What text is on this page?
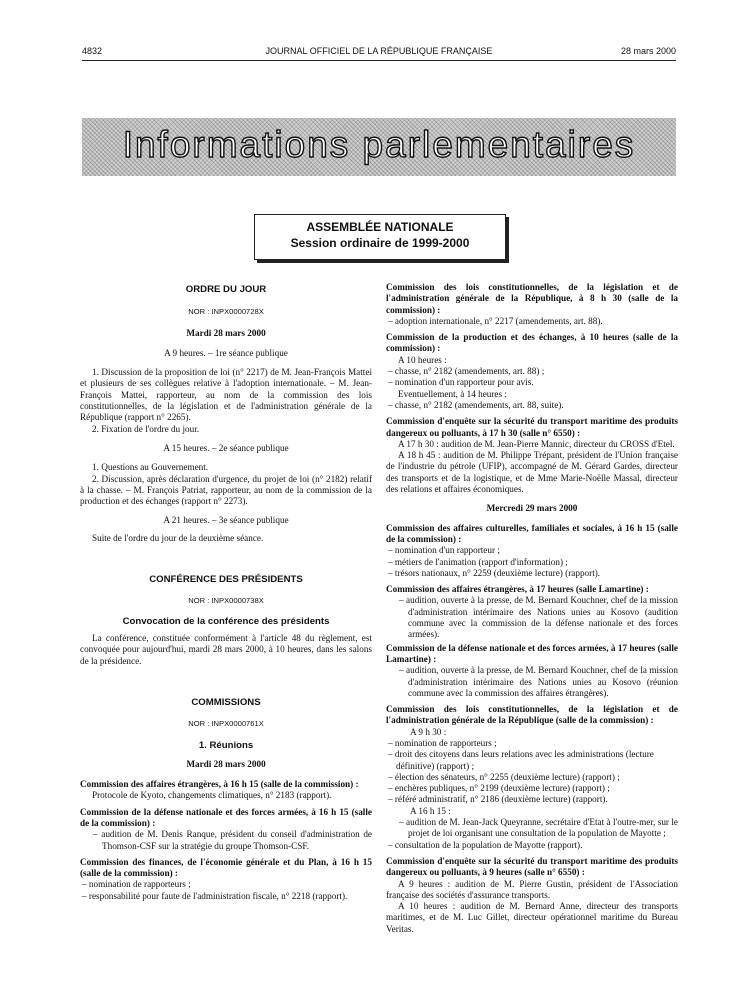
4832	JOURNAL OFFICIEL DE LA RÉPUBLIQUE FRANÇAISE	28 mars 2000
Informations parlementaires
ASSEMBLÉE NATIONALE
Session ordinaire de 1999-2000

ORDRE DU JOUR

NOR : INPX0000728X

Mardi 28 mars 2000

A 9 heures. – 1re séance publique

1. Discussion de la proposition de loi (n° 2217) de M. Jean-François Mattei et plusieurs de ses collègues relative à l'adoption internationale. – M. Jean-François Mattei, rapporteur, au nom de la commission des lois constitutionnelles, de la législation et de l'administration générale de la République (rapport n° 2265).

2. Fixation de l'ordre du jour.

A 15 heures. – 2e séance publique

1. Questions au Gouvernement.

2. Discussion, après déclaration d'urgence, du projet de loi (n° 2182) relatif à la chasse. – M. François Patriat, rapporteur, au nom de la commission de la production et des échanges (rapport n° 2273).

A 21 heures. – 3e séance publique

Suite de l'ordre du jour de la deuxième séance.

CONFÉRENCE DES PRÉSIDENTS

NOR : INPX0000738X

Convocation de la conférence des présidents

La conférence, constituée conformément à l'article 48 du règlement, est convoquée pour aujourd'hui, mardi 28 mars 2000, à 10 heures, dans les salons de la présidence.

COMMISSIONS

NOR : INPX0000761X

1. Réunions

Mardi 28 mars 2000

Commission des affaires étrangères, à 16 h 15 (salle de la commission) :

Protocole de Kyoto, changements climatiques, n° 2183 (rapport).

Commission de la défense nationale et des forces armées, à 16 h 15 (salle de la commission) :

– audition de M. Denis Ranque, président du conseil d'administration de Thomson-CSF sur la stratégie du groupe Thomson-CSF.

Commission des finances, de l'économie générale et du Plan, à 16 h 15 (salle de la commission) :

– nomination de rapporteurs ;

– responsabilité pour faute de l'administration fiscale, n° 2218 (rapport).

Commission des lois constitutionnelles, de la législation et de l'administration générale de la République, à 8 h 30 (salle de la commission) :

– adoption internationale, n° 2217 (amendements, art. 88).

Commission de la production et des échanges, à 10 heures (salle de la commission) :

A 10 heures :

– chasse, n° 2182 (amendements, art. 88) ;

– nomination d'un rapporteur pour avis.

Eventuellement, à 14 heures :

– chasse, n° 2182 (amendements, art. 88, suite).

Commission d'enquête sur la sécurité du transport maritime des produits dangereux ou polluants, à 17 h 30 (salle n° 6550) :

A 17 h 30 : audition de M. Jean-Pierre Mannic, directeur du CROSS d'Etel.

A 18 h 45 : audition de M. Philippe Trépant, président de l'Union française de l'industrie du pétrole (UFIP), accompagné de M. Gérard Gardes, directeur des transports et de la logistique, et de Mme Marie-Noëlle Massal, directeur des relations et affaires économiques.

Mercredi 29 mars 2000

Commission des affaires culturelles, familiales et sociales, à 16 h 15 (salle de la commission) :

– nomination d'un rapporteur ;

– métiers de l'animation (rapport d'information) ;

– trésors nationaux, n° 2259 (deuxième lecture) (rapport).

Commission des affaires étrangères, à 17 heures (salle Lamartine) :

– audition, ouverte à la presse, de M. Bernard Kouchner, chef de la mission d'administration intérimaire des Nations unies au Kosovo (audition commune avec la commission de la défense nationale et des forces armées).

Commission de la défense nationale et des forces armées, à 17 heures (salle Lamartine) :

– audition, ouverte à la presse, de M. Bernard Kouchner, chef de la mission d'administration intérimaire des Nations unies au Kosovo (réunion commune avec la commission des affaires étrangères).

Commission des lois constitutionnelles, de la législation et de l'administration générale de la République (salle de la commission) :

A 9 h 30 :

– nomination de rapporteurs ;

– droit des citoyens dans leurs relations avec les administrations (lecture définitive) (rapport) ;

– élection des sénateurs, n° 2255 (deuxième lecture) (rapport) ;

– enchères publiques, n° 2199 (deuxième lecture) (rapport) ;

– référé administratif, n° 2186 (deuxième lecture) (rapport).

A 16 h 15 :

– audition de M. Jean-Jack Queyranne, secrétaire d'Etat à l'outre-mer, sur le projet de loi organisant une consultation de la population de Mayotte ;

– consultation de la population de Mayotte (rapport).

Commission d'enquête sur la sécurité du transport maritime des produits dangereux ou polluants, à 9 heures (salle n° 6550) :

A 9 heures : audition de M. Pierre Gustin, président de l'Association française des sociétés d'assurance transports.

A 10 heures : audition de M. Bernard Anne, directeur des transports maritimes, et de M. Luc Gillet, directeur opérationnel maritime du Bureau Veritas.
